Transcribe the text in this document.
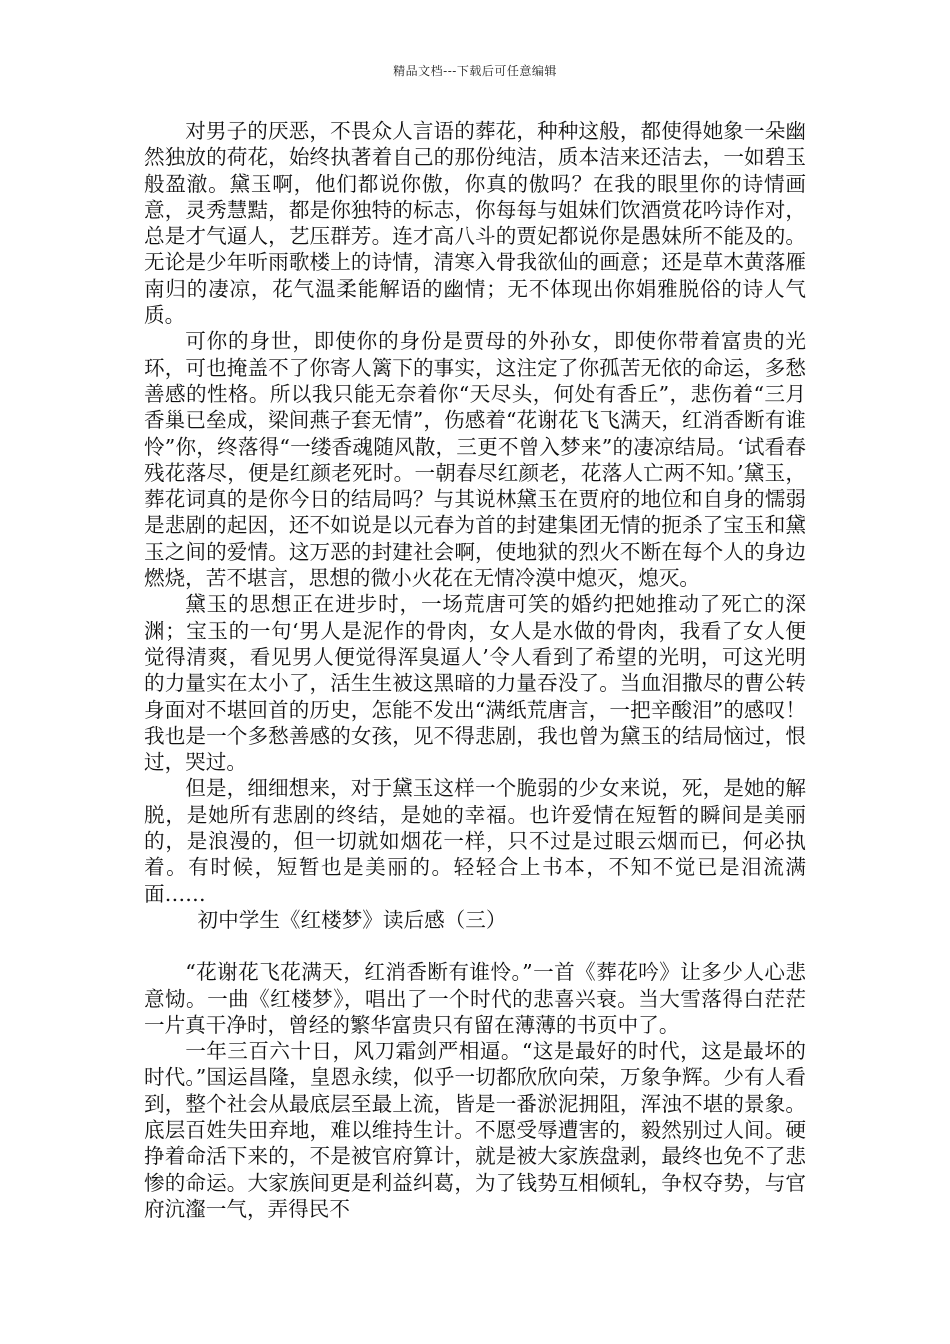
精品文档---下载后可任意编辑

对男子的厌恶，不畏众人言语的葬花，种种这般，都使得她象一朵幽然独放的荷花，始终执著着自己的那份纯洁，质本洁来还洁去，一如碧玉般盈澈。黛玉啊，他们都说你傲，你真的傲吗？在我的眼里你的诗情画意，灵秀慧黠，都是你独特的标志，你每每与姐妹们饮酒赏花吟诗作对，总是才气逼人，艺压群芳。连才高八斗的贾妃都说你是愚妹所不能及的。无论是少年听雨歌楼上的诗情，清寒入骨我欲仙的画意；还是草木黄落雁南归的凄凉，花气温柔能解语的幽情；无不体现出你娟雅脱俗的诗人气质。

可你的身世，即使你的身份是贾母的外孙女，即使你带着富贵的光环，可也掩盖不了你寄人篱下的事实，这注定了你孤苦无依的命运，多愁善感的性格。所以我只能无奈着你“天尽头，何处有香丘”，悲伤着“三月香巢已垒成，梁间燕子套无情”，伤感着“花谢花飞飞满天，红消香断有谁怜”你，终落得“一缕香魂随风散，三更不曾入梦来”的凄凉结局。‘试看春残花落尽，便是红颜老死时。一朝春尽红颜老，花落人亡两不知。’黛玉，葬花词真的是你今日的结局吗？与其说林黛玉在贾府的地位和自身的懦弱是悲剧的起因，还不如说是以元春为首的封建集团无情的扼杀了宝玉和黛玉之间的爱情。这万恶的封建社会啊，使地狱的烈火不断在每个人的身边燃烧，苦不堪言，思想的微小火花在无情冷漠中熄灭，熄灭。

黛玉的思想正在进步时，一场荒唐可笑的婚约把她推动了死亡的深渊；宝玉的一句‘男人是泥作的骨肉，女人是水做的骨肉，我看了女人便觉得清爽，看见男人便觉得浑臭逼人’令人看到了希望的光明，可这光明的力量实在太小了，活生生被这黑暗的力量吞没了。当血泪撒尽的曹公转身面对不堪回首的历史，怎能不发出“满纸荒唐言，一把辛酸泪”的感叹！我也是一个多愁善感的女孩，见不得悲剧，我也曾为黛玉的结局恼过，恨过，哭过。

但是，细细想来，对于黛玉这样一个脆弱的少女来说，死，是她的解脱，是她所有悲剧的终结，是她的幸福。也许爱情在短暂的瞬间是美丽的，是浪漫的，但一切就如烟花一样，只不过是过眼云烟而已，何必执着。有时候，短暂也是美丽的。轻轻合上书本，不知不觉已是泪流满面……

初中学生《红楼梦》读后感（三）

“花谢花飞花满天，红消香断有谁怜。”一首《葬花吟》让多少人心悲意恸。一曲《红楼梦》，唱出了一个时代的悲喜兴衰。当大雪落得白茫茫一片真干净时，曾经的繁华富贵只有留在薄薄的书页中了。

一年三百六十日，风刀霜剑严相逼。“这是最好的时代，这是最坏的时代。”国运昌隆，皇恩永续，似乎一切都欣欣向荣，万象争辉。少有人看到，整个社会从最底层至最上流，皆是一番淤泥拥阻，浑浊不堪的景象。底层百姓失田弃地，难以维持生计。不愿受辱遭害的，毅然别过人间。硬挣着命活下来的，不是被官府算计，就是被大家族盘剥，最终也免不了悲惨的命运。大家族间更是利益纠葛，为了钱势互相倾轧，争权夺势，与官府沆瀣一气，弄得民不
